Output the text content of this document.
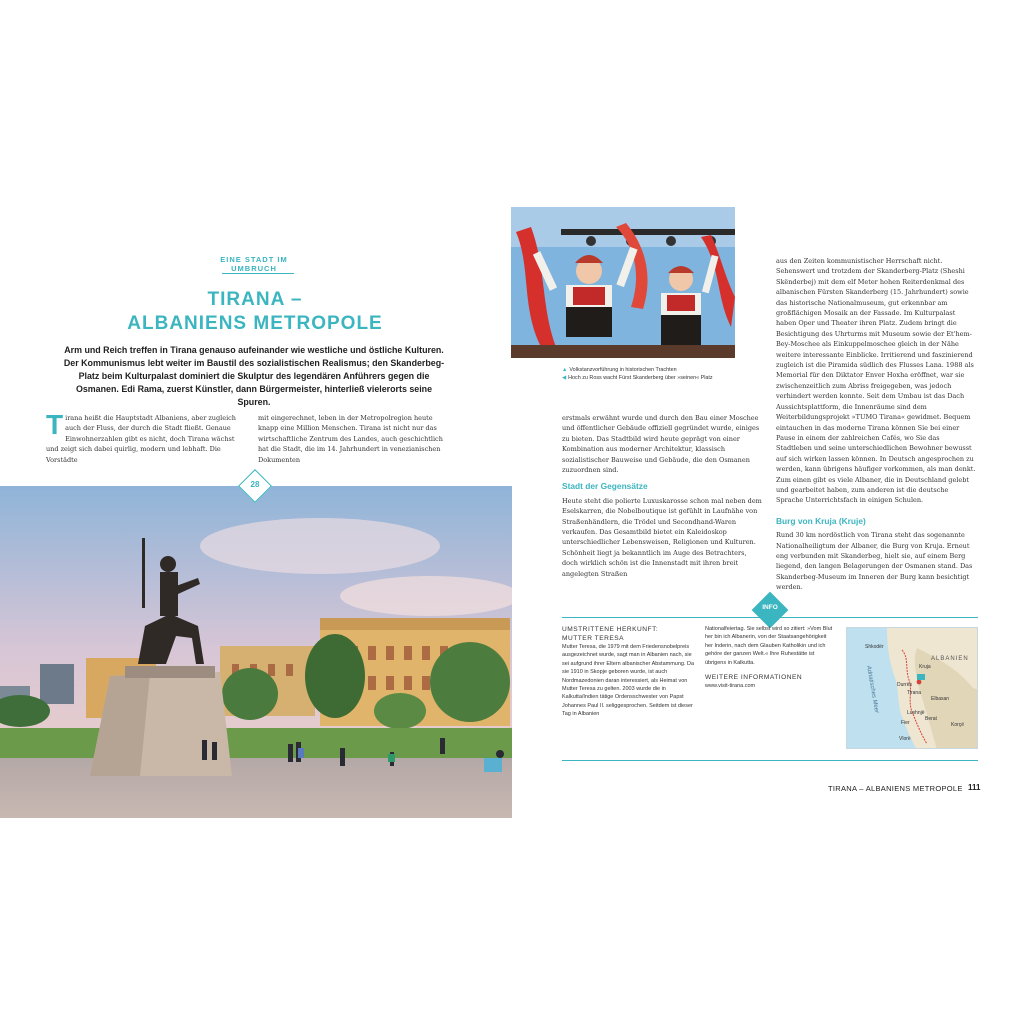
EINE STADT IM UMBRUCH
TIRANA –
ALBANIENS METROPOLE
Arm und Reich treffen in Tirana genauso aufeinander wie westliche und östliche Kulturen. Der Kommunismus lebt weiter im Baustil des sozialistischen Realismus; den Skanderbeg-Platz beim Kulturpalast dominiert die Skulptur des legendären Anführers gegen die Osmanen. Edi Rama, zuerst Künstler, dann Bürgermeister, hinterließ vielerorts seine Spuren.
Tirana heißt die Hauptstadt Albaniens, aber zugleich auch der Fluss, der durch die Stadt fließt. Genaue Einwohnerzahlen gibt es nicht, doch Tirana wächst und zeigt sich dabei quirlig, modern und lebhaft. Die Vorstädte
mit eingerechnet, leben in der Metropolregion heute knapp eine Million Menschen. Tirana ist nicht nur das wirtschaftliche Zentrum des Landes, auch geschichtlich hat die Stadt, die im 14. Jahrhundert in venezianischen Dokumenten
28
▲ Volkstanzvorführung in historischen Trachten
◀ Hoch zu Ross wacht Fürst Skanderberg über »seinen« Platz
erstmals erwähnt wurde und durch den Bau einer Moschee und öffentlicher Gebäude offiziell gegründet wurde, einiges zu bieten. Das Stadtbild wird heute geprägt von einer Kombination aus moderner Architektur, klassisch sozialistischer Bauweise und Gebäude, die den Osmanen zuzuordnen sind.
Stadt der Gegensätze
Heute steht die polierte Luxuskarosse schon mal neben dem Eselskarren, die Nobelboutique ist gefühlt in Laufnähe von Straßenhändlern, die Trödel und Secondhand-Waren verkaufen. Das Gesamtbild bietet ein Kaleidoskop unterschiedlicher Lebensweisen, Religionen und Kulturen. Schönheit liegt ja bekanntlich im Auge des Betrachters, doch wirklich schön ist die Innenstadt mit ihren breit angelegten Straßen
aus den Zeiten kommunistischer Herrschaft nicht. Sehenswert und trotzdem der Skanderberg-Platz (Sheshi Skënderbej) mit dem elf Meter hohen Reiterdenkmal des albanischen Fürsten Skanderberg (15. Jahrhundert) sowie das historische Nationalmuseum, gut erkennbar am großflächigen Mosaik an der Fassade. Im Kulturpalast haben Oper und Theater ihren Platz. Zudem bringt die Besichtigung des Uhrturms mit Museum sowie der Et'hem-Bey-Moschee als Einkuppelmoschee gleich in der Nähe weitere interessante Einblicke. Irritierend und faszinierend zugleich ist die Piramida südlich des Flusses Lana. 1988 als Memorial für den Diktator Enver Hoxha eröffnet, war sie zwischenzeitlich zum Abriss freigegeben, was jedoch verhindert werden konnte. Seit dem Umbau ist das Dach Aussichtsplattform, die Innenräume sind dem Weiterbildungsprojekt »TUMO Tirana« gewidmet. Bequem eintauchen in das moderne Tirana können Sie bei einer Pause in einem der zahlreichen Cafés, wo Sie das Stadtleben und seine unterschiedlichen Bewohner bewusst auf sich wirken lassen können. In Deutsch angesprochen zu werden, kann übrigens häufiger vorkommen, als man denkt. Zum einen gibt es viele Albaner, die in Deutschland gelebt und gearbeitet haben, zum anderen ist die deutsche Sprache Unterrichtsfach in einigen Schulen.
Burg von Kruja (Kruje)
Rund 30 km nordöstlich von Tirana steht das sogenannte Nationalheiligtum der Albaner, die Burg von Kruja. Erneut eng verbunden mit Skanderbeg, hielt sie, auf einem Berg liegend, den langen Belagerungen der Osmanen stand. Das Skanderbeg-Museum im Inneren der Burg kann besichtigt werden.
INFO
UMSTRITTENE HERKUNFT:
MUTTER TERESA
Mutter Teresa, die 1979 mit dem Friedensnobelpreis ausgezeichnet wurde, sagt man in Albanien nach, sie sei aufgrund ihrer Eltern albanischer Abstammung. Da sie 1910 in Skopje geboren wurde, ist auch Nordmazedonien daran interessiert, als Heimat von Mutter Teresa zu gelten. 2003 wurde die in Kalkutta/Indien tätige Ordensschwester von Papst Johannes Paul II. seliggesprochen. Seitdem ist dieser Tag in Albanien
Nationalfeiertag. Sie selbst wird so zitiert: »Vom Blut her bin ich Albanerin, von der Staatsangehörigkeit her Inderin, nach dem Glauben Katholikin und ich gehöre der ganzen Welt.« Ihre Ruhestätte ist übrigens in Kalkutta.
WEITERE INFORMATIONEN
www.visit-tirana.com
Shkodër
Tirana
Durrës
Kruja
Elbasan
Lushnjë
Fier
Berat
Vlorë
Korçë
ALBANIEN
Adriatisches Meer
TIRANA – ALBANIENS METROPOLE 111
